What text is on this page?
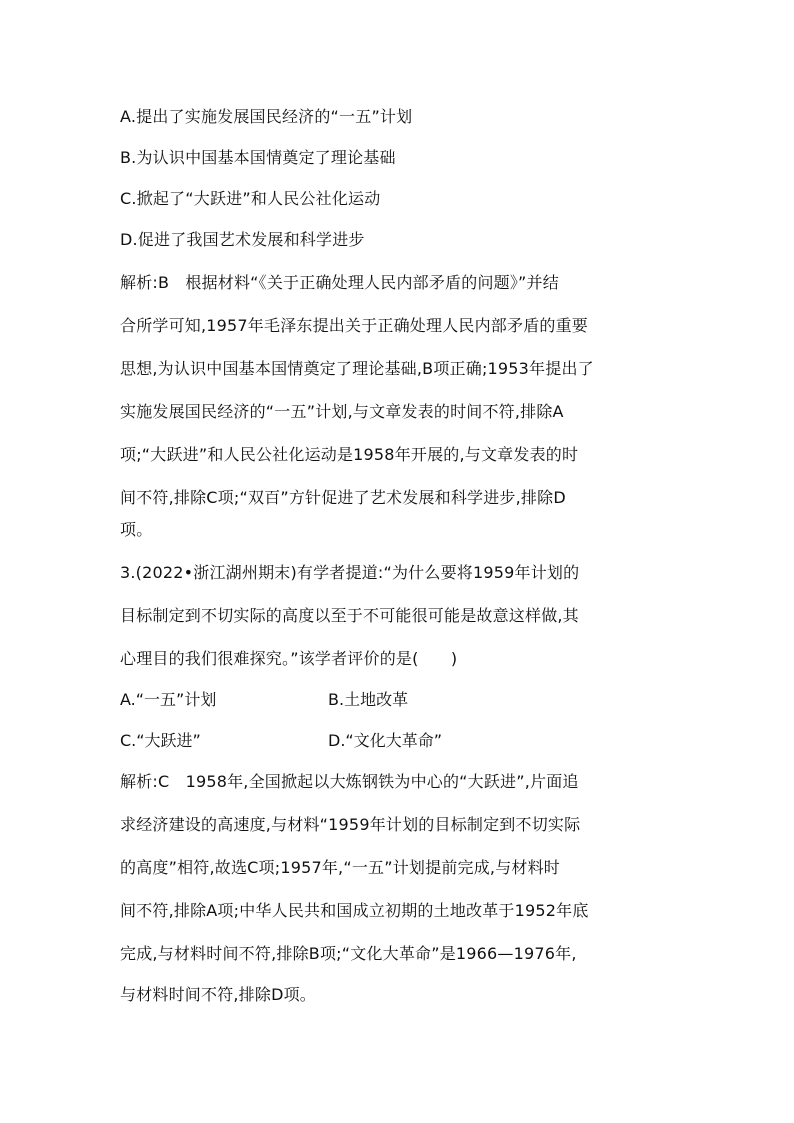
A.提出了实施发展国民经济的“一五”计划
B.为认识中国基本国情奠定了理论基础
C.掀起了“大跃进”和人民公社化运动
D.促进了我国艺术发展和科学进步
解析:B　根据材料“《关于正确处理人民内部矛盾的问题》”并结
合所学可知,1957年毛泽东提出关于正确处理人民内部矛盾的重要
思想,为认识中国基本国情奠定了理论基础,B项正确;1953年提出了
实施发展国民经济的“一五”计划,与文章发表的时间不符,排除A
项;“大跃进”和人民公社化运动是1958年开展的,与文章发表的时
间不符,排除C项;“双百”方针促进了艺术发展和科学进步,排除D
项。
3.(2022•浙江湖州期末)有学者提道:“为什么要将1959年计划的
目标制定到不切实际的高度以至于不可能很可能是故意这样做,其
心理目的我们很难探究。”该学者评价的是(　　)
A.“一五”计划	B.土地改革
C.“大跃进”	D.“文化大革命”
解析:C　1958年,全国掀起以大炼钢铁为中心的“大跃进”,片面追
求经济建设的高速度,与材料“1959年计划的目标制定到不切实际
的高度”相符,故选C项;1957年,“一五”计划提前完成,与材料时
间不符,排除A项;中华人民共和国成立初期的土地改革于1952年底
完成,与材料时间不符,排除B项;“文化大革命”是1966—1976年,
与材料时间不符,排除D项。
